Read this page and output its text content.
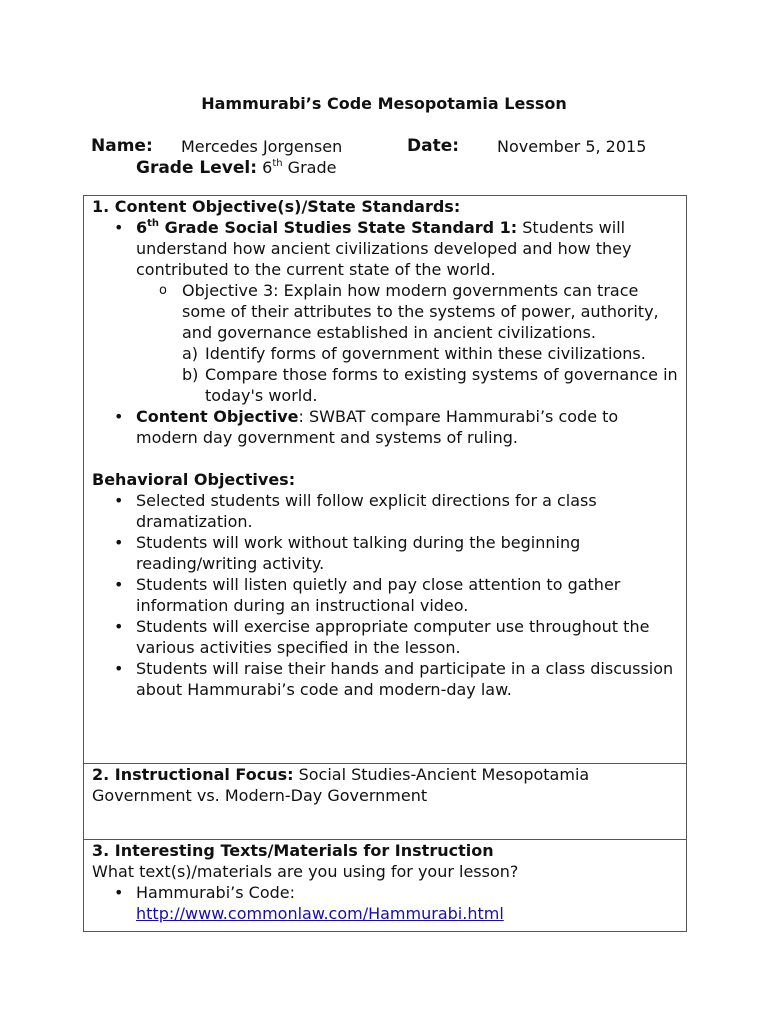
Hammurabi’s Code Mesopotamia Lesson
Name: Mercedes Jorgensen	Date: November 5, 2015
Grade Level: 6th Grade
1. Content Objective(s)/State Standards:
• 6th Grade Social Studies State Standard 1: Students will understand how ancient civilizations developed and how they contributed to the current state of the world.
o Objective 3: Explain how modern governments can trace some of their attributes to the systems of power, authority, and governance established in ancient civilizations.
a) Identify forms of government within these civilizations.
b) Compare those forms to existing systems of governance in today's world.
• Content Objective: SWBAT compare Hammurabi’s code to modern day government and systems of ruling.
Behavioral Objectives:
• Selected students will follow explicit directions for a class dramatization.
• Students will work without talking during the beginning reading/writing activity.
• Students will listen quietly and pay close attention to gather information during an instructional video.
• Students will exercise appropriate computer use throughout the various activities specified in the lesson.
• Students will raise their hands and participate in a class discussion about Hammurabi’s code and modern-day law.
2. Instructional Focus: Social Studies-Ancient Mesopotamia Government vs. Modern-Day Government
3. Interesting Texts/Materials for Instruction
What text(s)/materials are you using for your lesson?
• Hammurabi’s Code:
http://www.commonlaw.com/Hammurabi.html
